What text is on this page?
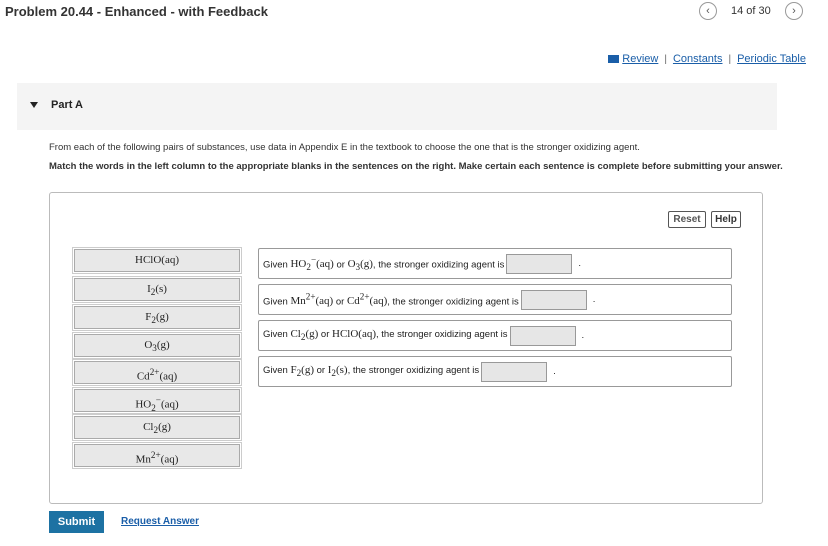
Problem 20.44 - Enhanced - with Feedback	‹	14 of 30	›
Review | Constants | Periodic Table
Part A
From each of the following pairs of substances, use data in Appendix E in the textbook to choose the one that is the stronger oxidizing agent.
Match the words in the left column to the appropriate blanks in the sentences on the right. Make certain each sentence is complete before submitting your answer.
Reset	Help
HClO(aq)
$I_2(s)$
$F_2(g)$
$O_3(g)$
$Cd^{2+}(aq)$
$HO_2^-(aq)$
$Cl_2(g)$
$Mn^{2+}(aq)$
Given $HO_2^-(aq)$ or $O_3(g)$, the stronger oxidizing agent is	.
Given $Mn^{2+}(aq)$ or $Cd^{2+}(aq)$, the stronger oxidizing agent is	.
Given $Cl_2(g)$ or HClO(aq), the stronger oxidizing agent is	.
Given $F_2(g)$ or $I_2(s)$, the stronger oxidizing agent is	.
Submit	Request Answer
